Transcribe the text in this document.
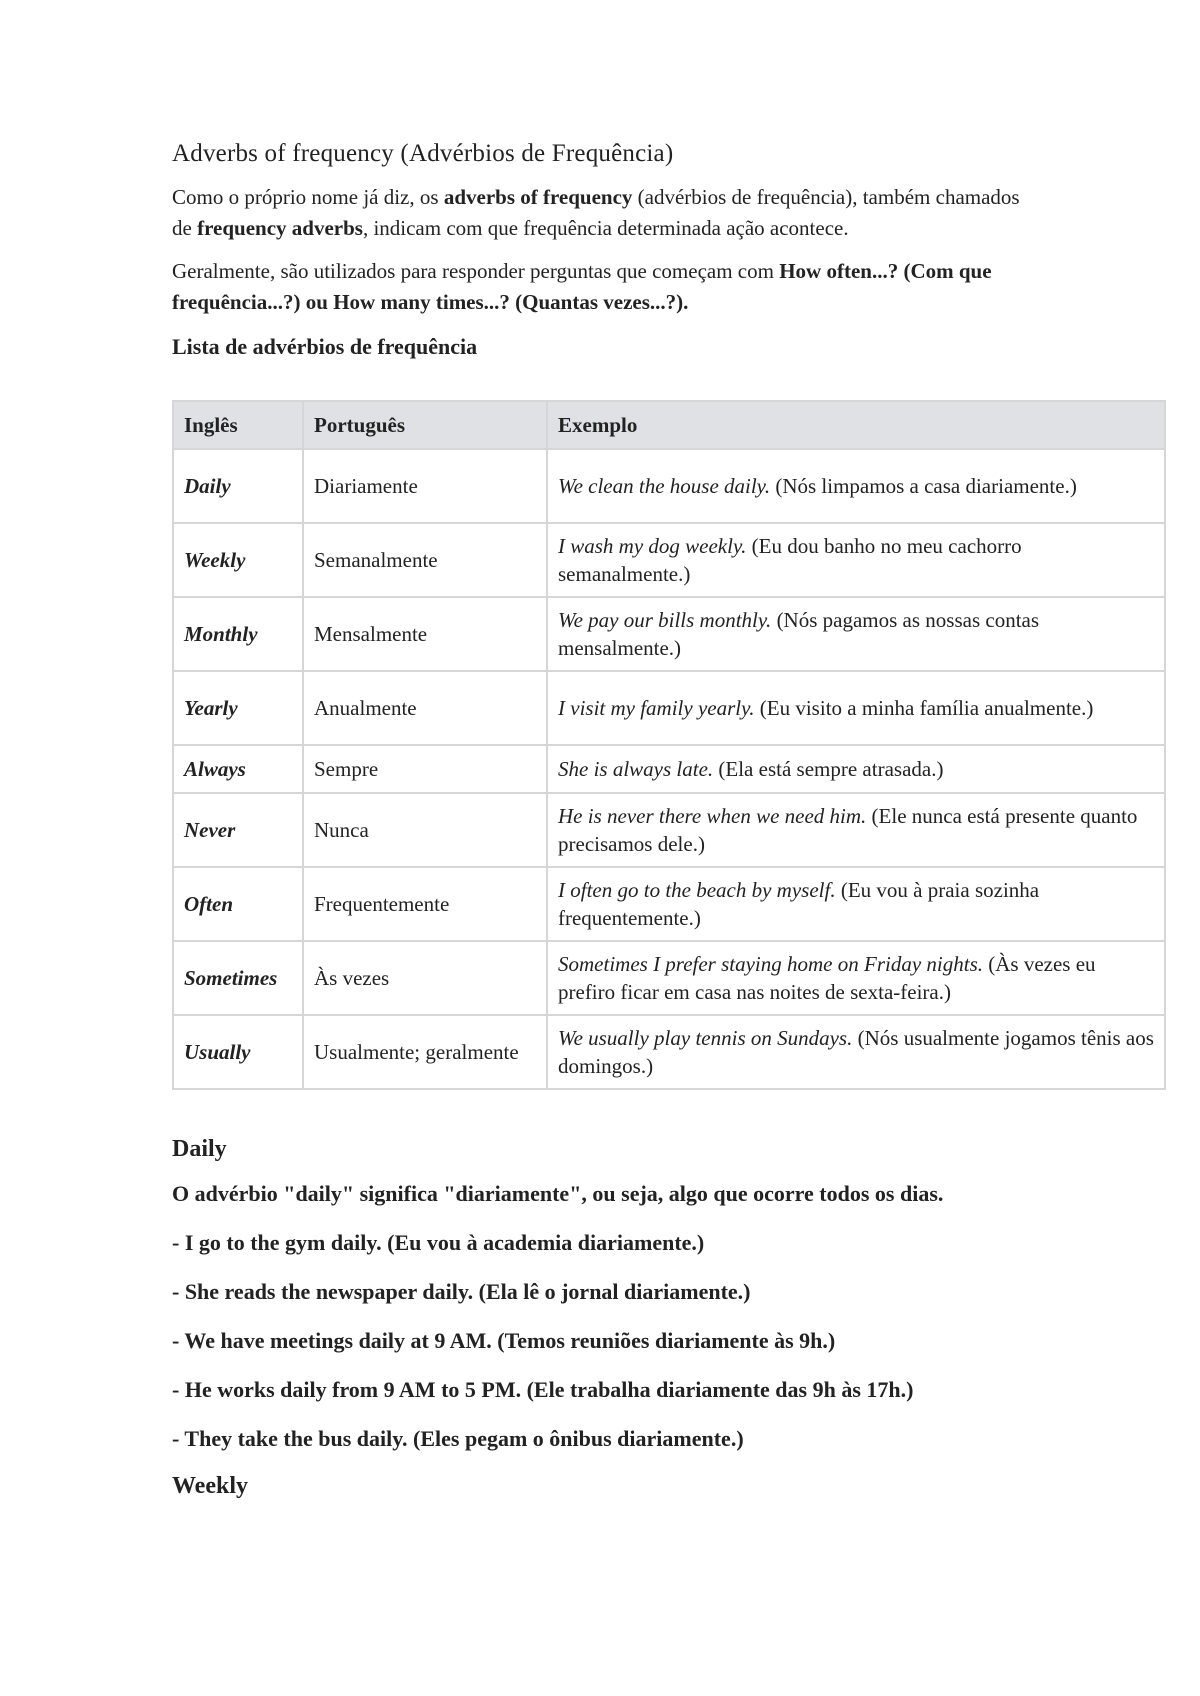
Adverbs of frequency (Advérbios de Frequência)

Como o próprio nome já diz, os adverbs of frequency (advérbios de frequência), também chamados de frequency adverbs, indicam com que frequência determinada ação acontece.

Geralmente, são utilizados para responder perguntas que começam com How often...? (Com que frequência...?) ou How many times...? (Quantas vezes...?).

Lista de advérbios de frequência
Inglês	Português	Exemplo
Daily	Diariamente	We clean the house daily. (Nós limpamos a casa diariamente.)
Weekly	Semanalmente	I wash my dog weekly. (Eu dou banho no meu cachorro semanalmente.)
Monthly	Mensalmente	We pay our bills monthly. (Nós pagamos as nossas contas mensalmente.)
Yearly	Anualmente	I visit my family yearly. (Eu visito a minha família anualmente.)
Always	Sempre	She is always late. (Ela está sempre atrasada.)
Never	Nunca	He is never there when we need him. (Ele nunca está presente quanto precisamos dele.)
Often	Frequentemente	I often go to the beach by myself. (Eu vou à praia sozinha frequentemente.)
Sometimes	Às vezes	Sometimes I prefer staying home on Friday nights. (Às vezes eu prefiro ficar em casa nas noites de sexta-feira.)
Usually	Usualmente; geralmente	We usually play tennis on Sundays. (Nós usualmente jogamos tênis aos domingos.)
Daily
O advérbio "daily" significa "diariamente", ou seja, algo que ocorre todos os dias.
- I go to the gym daily. (Eu vou à academia diariamente.)
- She reads the newspaper daily. (Ela lê o jornal diariamente.)
- We have meetings daily at 9 AM. (Temos reuniões diariamente às 9h.)
- He works daily from 9 AM to 5 PM. (Ele trabalha diariamente das 9h às 17h.)
- They take the bus daily. (Eles pegam o ônibus diariamente.)
Weekly
